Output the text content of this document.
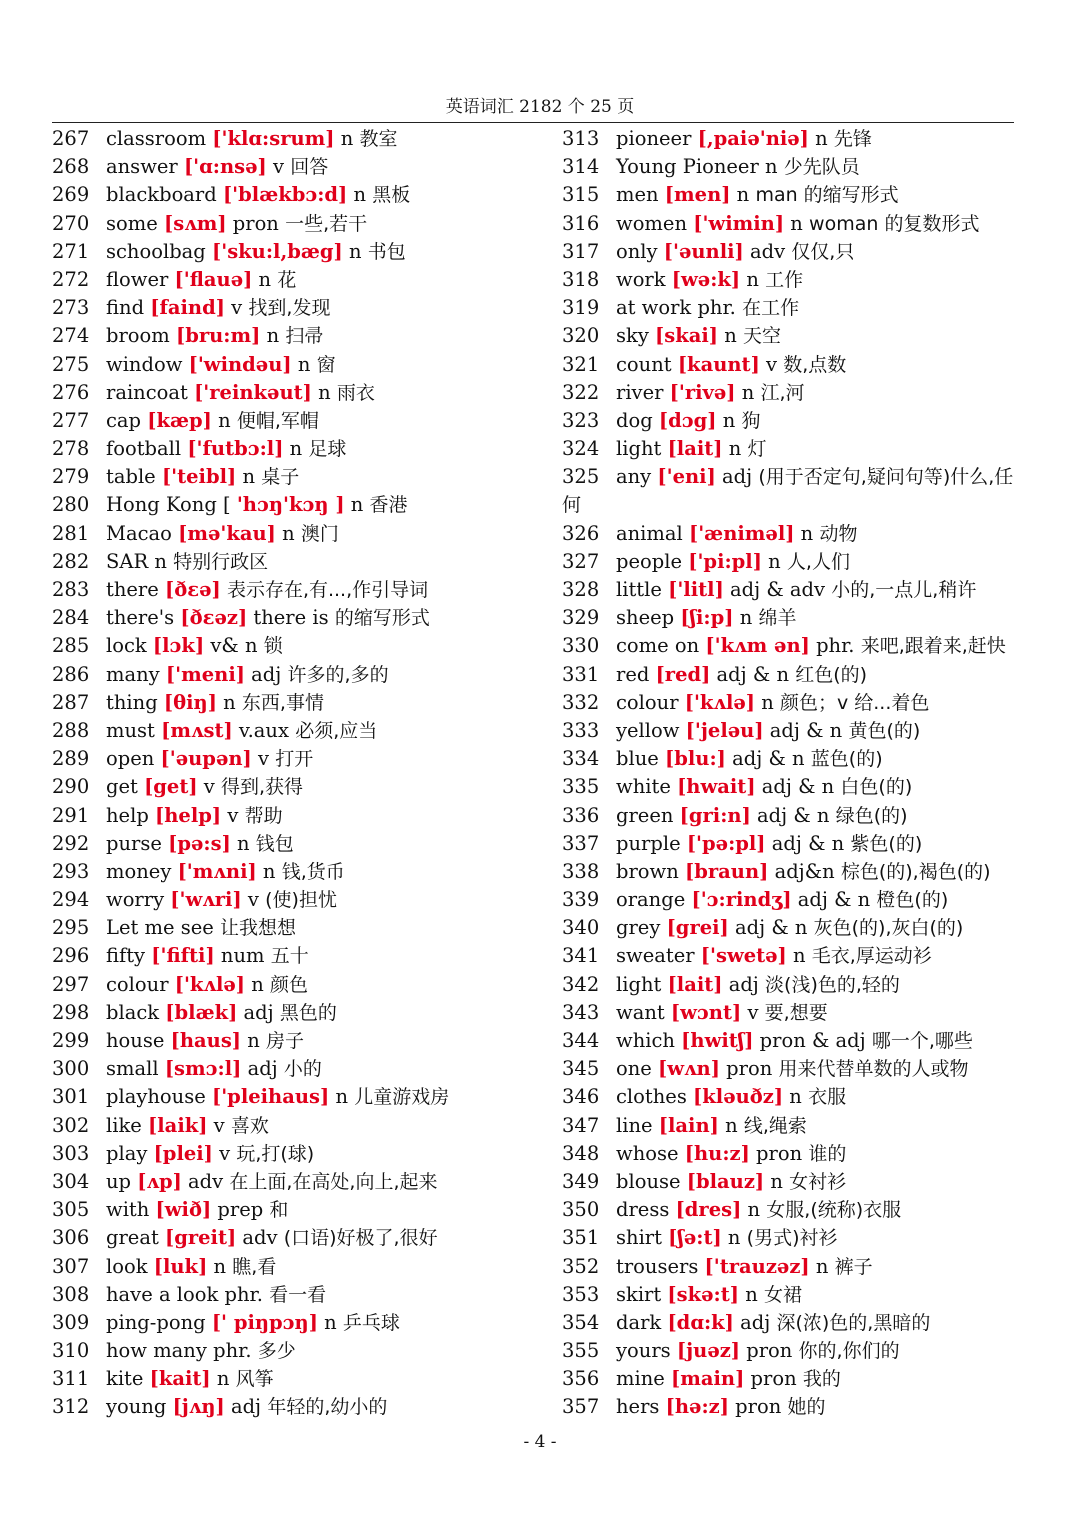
英语词汇 2182 个 25 页
267 classroom ['klɑ:srum] n 教室
268 answer ['ɑ:nsə] v 回答
269 blackboard ['blækbɔ:d] n 黑板
270 some [sʌm] pron 一些,若干
271 schoolbag ['sku:l,bæg] n 书包
272 flower ['flauə] n 花
273 find [faind] v 找到,发现
274 broom [bru:m] n 扫帚
275 window ['windəu] n 窗
276 raincoat ['reinkəut] n 雨衣
277 cap [kæp] n 便帽,军帽
278 football ['futbɔ:l] n 足球
279 table ['teibl] n 桌子
280 Hong Kong [ 'hɔŋ'kɔŋ ] n 香港
281 Macao [mə'kau] n 澳门
282 SAR n 特别行政区
283 there [ðɛə] 表示存在,有...,作引导词
284 there's [ðɛəz] there is 的缩写形式
285 lock [lɔk] v& n 锁
286 many ['meni] adj 许多的,多的
287 thing [θiŋ] n 东西,事情
288 must [mʌst] v.aux 必须,应当
289 open ['əupən] v 打开
290 get [get] v 得到,获得
291 help [help] v 帮助
292 purse [pə:s] n 钱包
293 money ['mʌni] n 钱,货币
294 worry ['wʌri] v (使)担忧
295 Let me see 让我想想
296 fifty ['fifti] num 五十
297 colour ['kʌlə] n 颜色
298 black [blæk] adj 黑色的
299 house [haus] n 房子
300 small [smɔ:l] adj 小的
301 playhouse ['pleihaus] n 儿童游戏房
302 like [laik] v 喜欢
303 play [plei] v 玩,打(球)
304 up [ʌp] adv 在上面,在高处,向上,起来
305 with [wið] prep 和
306 great [greit] adv (口语)好极了,很好
307 look [luk] n 瞧,看
308 have a look phr. 看一看
309 ping-pong [' piŋpɔŋ] n 乒乓球
310 how many phr. 多少
311 kite [kait] n 风筝
312 young [jʌŋ] adj 年轻的,幼小的
313 pioneer [,paiə'niə] n 先锋
314 Young Pioneer n 少先队员
315 men [men] n man 的缩写形式
316 women ['wimin] n woman 的复数形式
317 only ['əunli] adv 仅仅,只
318 work [wə:k] n 工作
319 at work phr. 在工作
320 sky [skai] n 天空
321 count [kaunt] v 数,点数
322 river ['rivə] n 江,河
323 dog [dɔg] n 狗
324 light [lait] n 灯
325 any ['eni] adj (用于否定句,疑问句等)什么,任何
326 animal ['æniməl] n 动物
327 people ['pi:pl] n 人,人们
328 little ['litl] adj & adv 小的,一点儿,稍许
329 sheep [ʃi:p] n 绵羊
330 come on ['kʌm ən] phr. 来吧,跟着来,赶快
331 red [red] adj & n 红色(的)
332 colour ['kʌlə] n 颜色；v 给...着色
333 yellow ['jeləu] adj & n 黄色(的)
334 blue [blu:] adj & n 蓝色(的)
335 white [hwait] adj & n 白色(的)
336 green [gri:n] adj & n 绿色(的)
337 purple ['pə:pl] adj & n 紫色(的)
338 brown [braun] adj&n 棕色(的),褐色(的)
339 orange ['ɔ:rindʒ] adj & n 橙色(的)
340 grey [grei] adj & n 灰色(的),灰白(的)
341 sweater ['swetə] n 毛衣,厚运动衫
342 light [lait] adj 淡(浅)色的,轻的
343 want [wɔnt] v 要,想要
344 which [hwitʃ] pron & adj 哪一个,哪些
345 one [wʌn] pron 用来代替单数的人或物
346 clothes [kləuðz] n 衣服
347 line [lain] n 线,绳索
348 whose [hu:z] pron 谁的
349 blouse [blauz] n 女衬衫
350 dress [dres] n 女服,(统称)衣服
351 shirt [ʃə:t] n (男式)衬衫
352 trousers ['trauzəz] n 裤子
353 skirt [skə:t] n 女裙
354 dark [dɑ:k] adj 深(浓)色的,黑暗的
355 yours [juəz] pron 你的,你们的
356 mine [main] pron 我的
357 hers [hə:z] pron 她的
- 4 -
